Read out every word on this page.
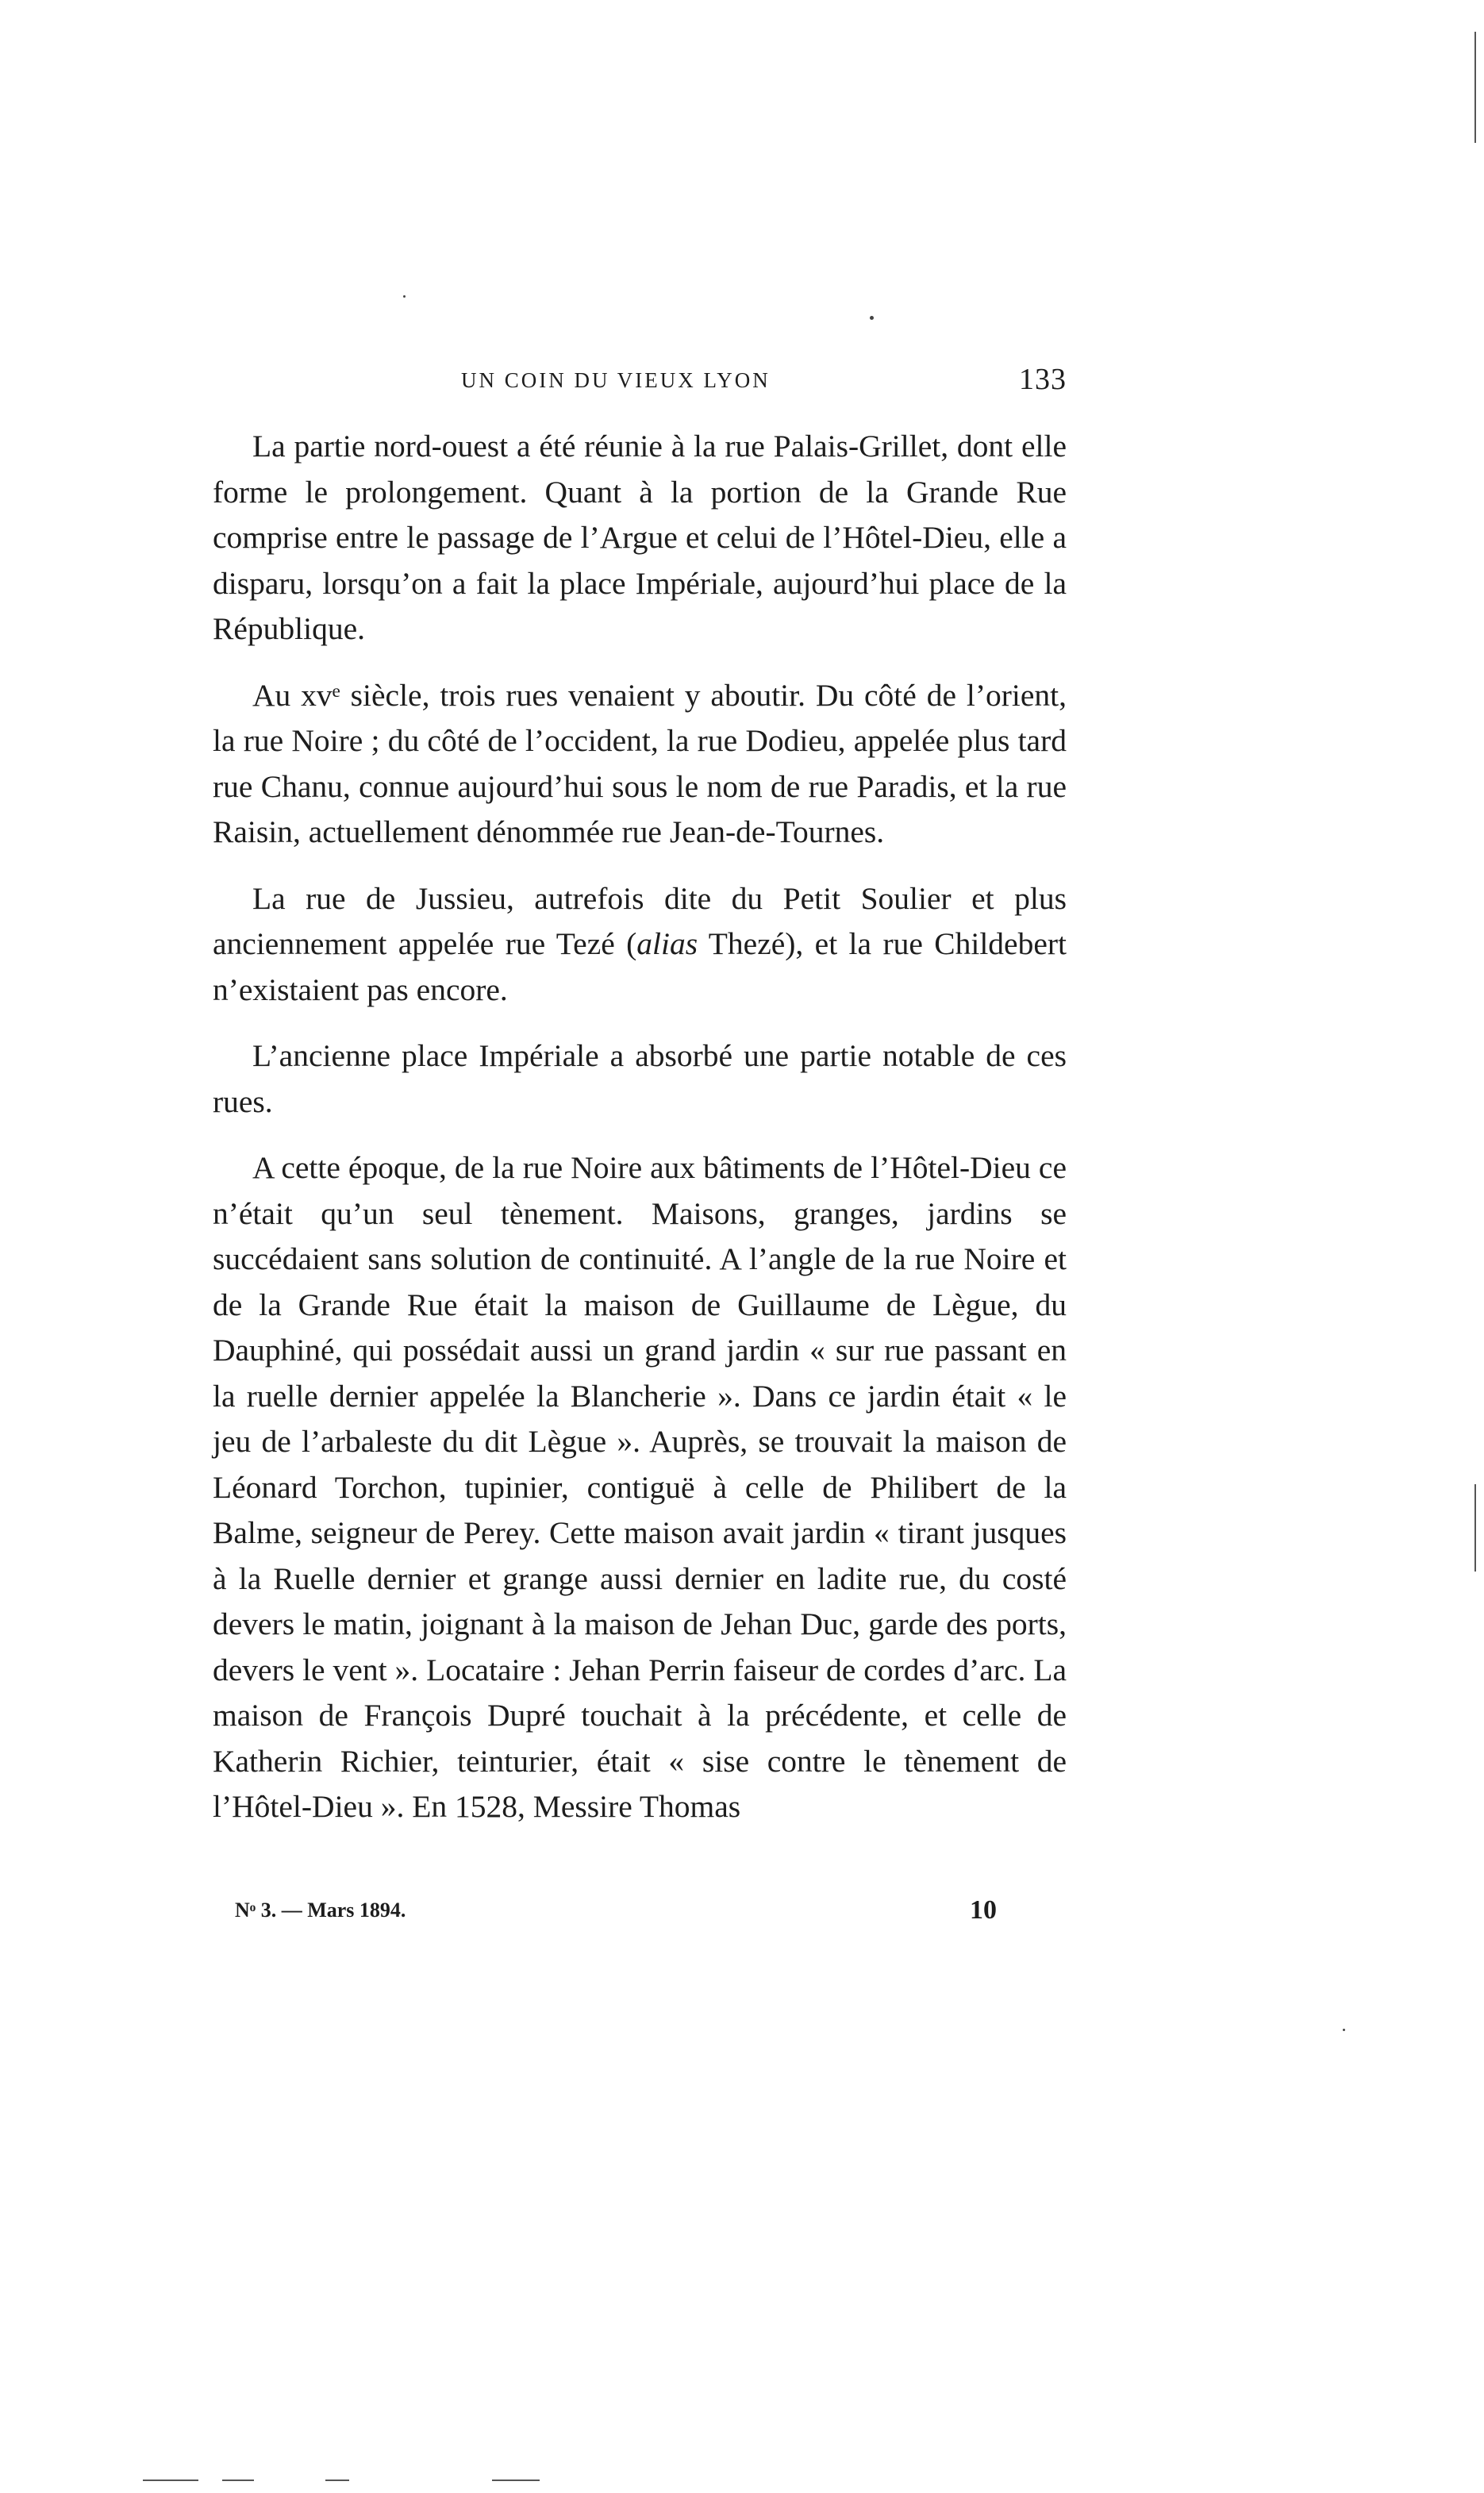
UN COIN DU VIEUX LYON	133

La partie nord-ouest a été réunie à la rue Palais-Grillet, dont elle forme le prolongement. Quant à la portion de la Grande Rue comprise entre le passage de l’Argue et celui de l’Hôtel-Dieu, elle a disparu, lorsqu’on a fait la place Impériale, aujourd’hui place de la République.

Au xvᵉ siècle, trois rues venaient y aboutir. Du côté de l’orient, la rue Noire ; du côté de l’occident, la rue Dodieu, appelée plus tard rue Chanu, connue aujourd’hui sous le nom de rue Paradis, et la rue Raisin, actuellement dénommée rue Jean-de-Tournes.

La rue de Jussieu, autrefois dite du Petit Soulier et plus anciennement appelée rue Tezé (alias Thezé), et la rue Childebert n’existaient pas encore.

L’ancienne place Impériale a absorbé une partie notable de ces rues.

A cette époque, de la rue Noire aux bâtiments de l’Hôtel-Dieu ce n’était qu’un seul tènement. Maisons, granges, jardins se succédaient sans solution de continuité. A l’angle de la rue Noire et de la Grande Rue était la maison de Guillaume de Lègue, du Dauphiné, qui possédait aussi un grand jardin « sur rue passant en la ruelle dernier appelée la Blancherie ». Dans ce jardin était « le jeu de l’arbaleste du dit Lègue ». Auprès, se trouvait la maison de Léonard Torchon, tupinier, contiguë à celle de Philibert de la Balme, seigneur de Perey. Cette maison avait jardin « tirant jusques à la Ruelle dernier et grange aussi dernier en ladite rue, du costé devers le matin, joignant à la maison de Jehan Duc, garde des ports, devers le vent ». Locataire : Jehan Perrin faiseur de cordes d’arc. La maison de François Dupré touchait à la précédente, et celle de Katherin Richier, teinturier, était « sise contre le tènement de l’Hôtel-Dieu ». En 1528, Messire Thomas

Nᵒ 3. — Mars 1894.	10
